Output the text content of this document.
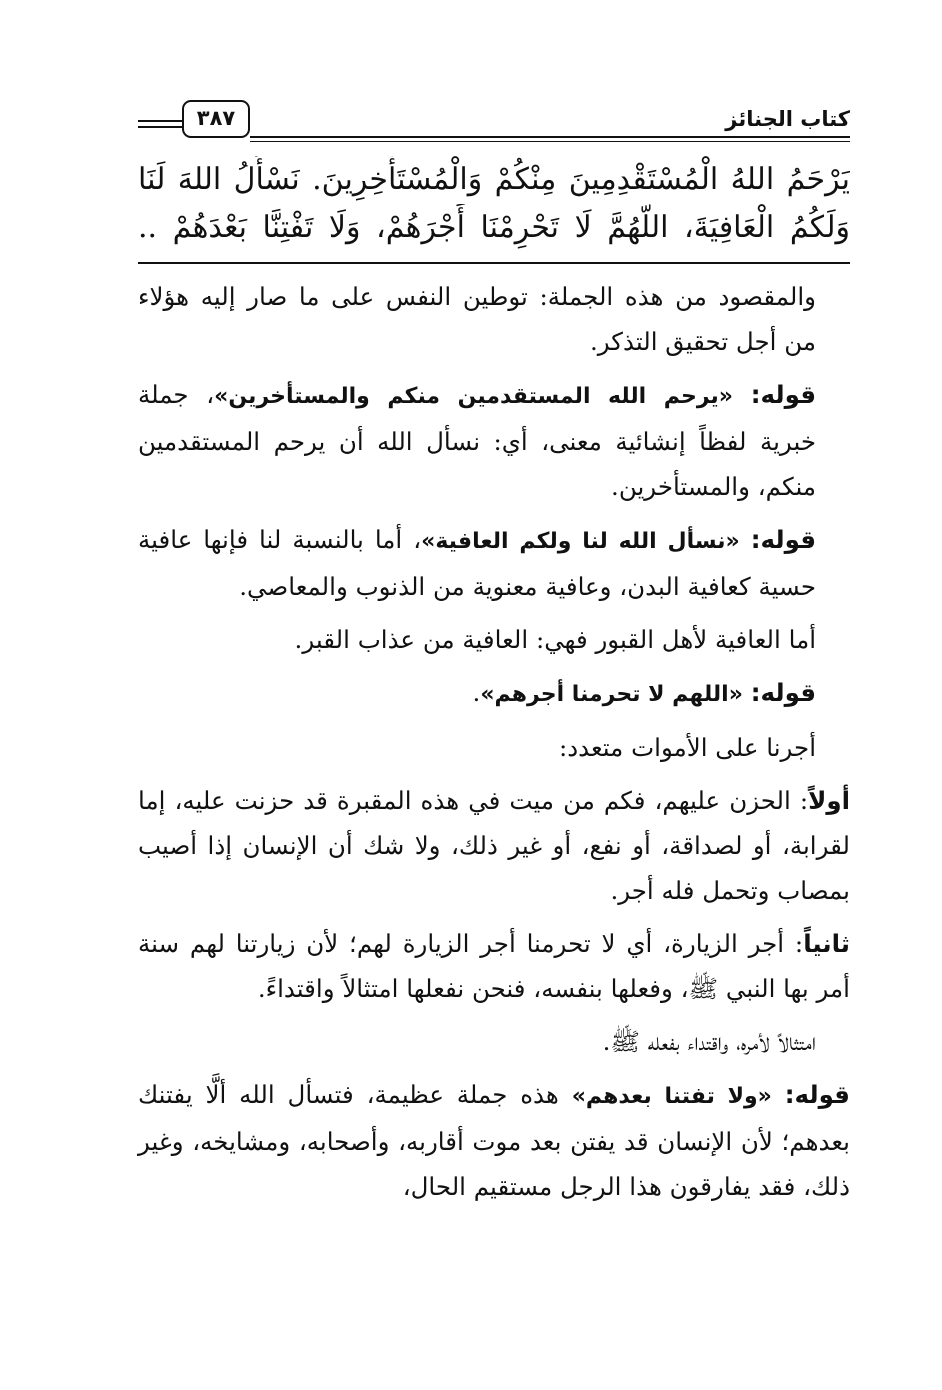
كتاب الجنائز
٣٨٧
يَرْحَمُ اللهُ الْمُسْتَقْدِمِينَ مِنْكُمْ وَالْمُسْتَأْخِرِينَ. نَسْأَلُ اللهَ لَنَا
وَلَكُمُ الْعَافِيَةَ، اللَّهُمَّ لَا تَحْرِمْنَا أَجْرَهُمْ، وَلَا تَفْتِنَّا بَعْدَهُمْ ..

والمقصود من هذه الجملة: توطين النفس على ما صار إليه هؤلاء من أجل تحقيق التذكر.

قوله: «يرحم الله المستقدمين منكم والمستأخرين»، جملة خبرية لفظاً إنشائية معنى، أي: نسأل الله أن يرحم المستقدمين منكم، والمستأخرين.

قوله: «نسأل الله لنا ولكم العافية»، أما بالنسبة لنا فإنها عافية حسية كعافية البدن، وعافية معنوية من الذنوب والمعاصي.

أما العافية لأهل القبور فهي: العافية من عذاب القبر.

قوله: «اللهم لا تحرمنا أجرهم».

أجرنا على الأموات متعدد:

أولاً: الحزن عليهم، فكم من ميت في هذه المقبرة قد حزنت عليه، إما لقرابة، أو لصداقة، أو نفع، أو غير ذلك، ولا شك أن الإنسان إذا أصيب بمصاب وتحمل فله أجر.

ثانياً: أجر الزيارة، أي لا تحرمنا أجر الزيارة لهم؛ لأن زيارتنا لهم سنة أمر بها النبي ﷺ، وفعلها بنفسه، فنحن نفعلها امتثالاً واقتداءً.

امتثالاً لأمره، واقتداء بفعله ﷺ.

قوله: «ولا تفتنا بعدهم» هذه جملة عظيمة، فتسأل الله ألَّا يفتنك بعدهم؛ لأن الإنسان قد يفتن بعد موت أقاربه، وأصحابه، ومشايخه، وغير ذلك، فقد يفارقون هذا الرجل مستقيم الحال،
